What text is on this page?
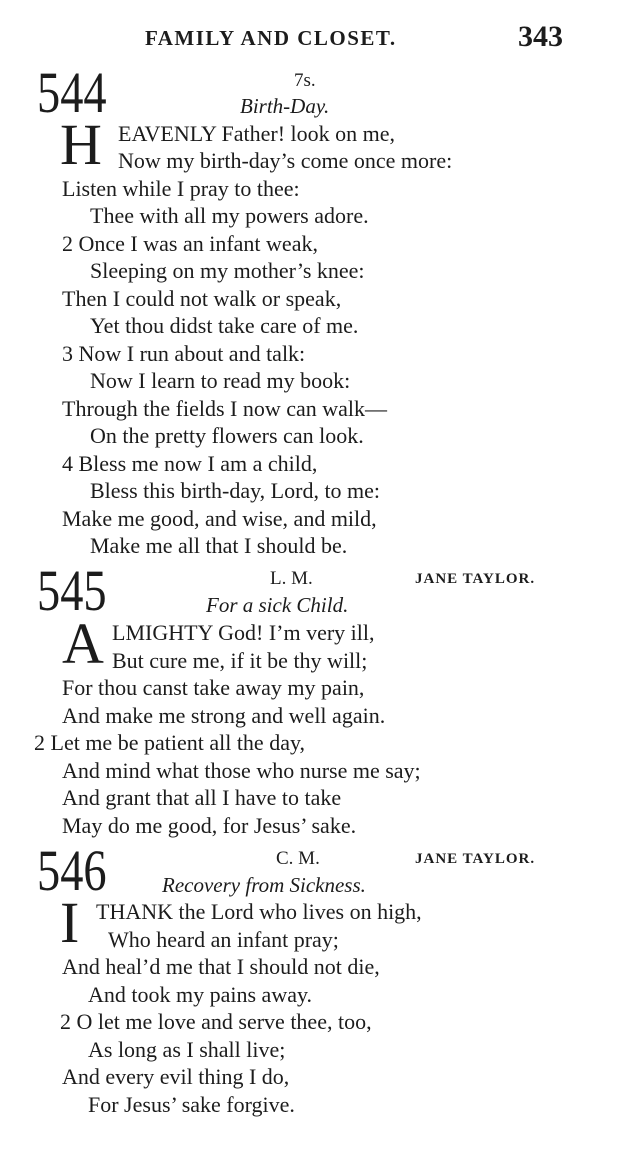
FAMILY AND CLOSET.	343
544	7s.
Birth-Day.
H EAVENLY Father! look on me,
Now my birth-day’s come once more:
Listen while I pray to thee:
Thee with all my powers adore.
2 Once I was an infant weak,
Sleeping on my mother’s knee:
Then I could not walk or speak,
Yet thou didst take care of me.
3 Now I run about and talk:
Now I learn to read my book:
Through the fields I now can walk—
On the pretty flowers can look.
4 Bless me now I am a child,
Bless this birth-day, Lord, to me:
Make me good, and wise, and mild,
Make me all that I should be.
545	L. M.	JANE TAYLOR.
For a sick Child.
A LMIGHTY God! I’m very ill,
But cure me, if it be thy will;
For thou canst take away my pain,
And make me strong and well again.
2 Let me be patient all the day,
And mind what those who nurse me say;
And grant that all I have to take
May do me good, for Jesus’ sake.
546	C. M.	JANE TAYLOR.
Recovery from Sickness.
I THANK the Lord who lives on high,
Who heard an infant pray;
And heal’d me that I should not die,
And took my pains away.
2 O let me love and serve thee, too,
As long as I shall live;
And every evil thing I do,
For Jesus’ sake forgive.
